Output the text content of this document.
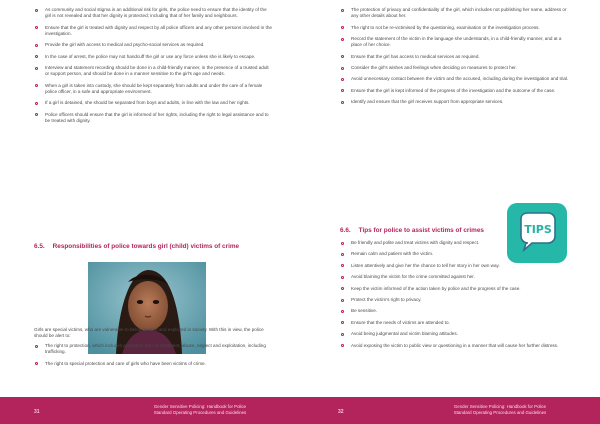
As community and social stigma is an additional risk for girls, the police need to ensure that the identity of the girl is not revealed and that her dignity is protected; including that of her family and neighbours.
Ensure that the girl is treated with dignity and respect by all police officers and any other persons involved in the investigation.
Provide the girl with access to medical and psycho-social services as required.
In the case of arrest, the police may not handcuff the girl or use any force unless she is likely to escape.
Interview and statement recording should be done in a child-friendly manner, in the presence of a trusted adult or support person, and should be done in a manner sensitive to the girl's age and needs.
When a girl is taken into custody, she should be kept separately from adults and under the care of a female police officer, in a safe and appropriate environment.
If a girl is detained, she should be separated from boys and adults, in line with the law and her rights.
Police officers should ensure that the girl is informed of her rights, including the right to legal assistance and to be treated with dignity.
6.5. Responsibilities of police towards girl (child) victims of crime
Girls are special victims, who are vulnerable to being abused and exploited in society. With this in view, the police should be alert to:
The right to protection, which includes protection from ill-treatment, abuse, neglect and exploitation, including trafficking.
The right to special protection and care of girls who have been victims of crime.
The protection of privacy and confidentiality of the girl, which includes not publishing her name, address or any other details about her.
The right to not be re-victimised by the questioning, examination or the investigation process.
Record the statement of the victim in the language she understands, in a child-friendly manner, and at a place of her choice.
Ensure that the girl has access to medical services as required.
Consider the girl's wishes and feelings when deciding on measures to protect her.
Avoid unnecessary contact between the victim and the accused, including during the investigation and trial.
Ensure that the girl is kept informed of the progress of the investigation and the outcome of the case.
Identify and ensure that the girl receives support from appropriate services.
6.6. Tips for police to assist victims of crimes
Be friendly and polite and treat victims with dignity and respect.
Remain calm and patient with the victim.
Listen attentively and give her the chance to tell her story in her own way.
Avoid blaming the victim for the crime committed against her.
Keep the victim informed of the action taken by police and the progress of the case.
Protect the victim's right to privacy.
Be sensitive.
Ensure that the needs of victims are attended to.
Avoid being judgmental and victim blaming attitudes.
Avoid exposing the victim to public view or questioning in a manner that will cause her further distress.
TIPS
31
Gender Sensitive Policing: Handbook for Police
Standard Operating Procedures and Guidelines	32
Gender Sensitive Policing: Handbook for Police
Standard Operating Procedures and Guidelines
